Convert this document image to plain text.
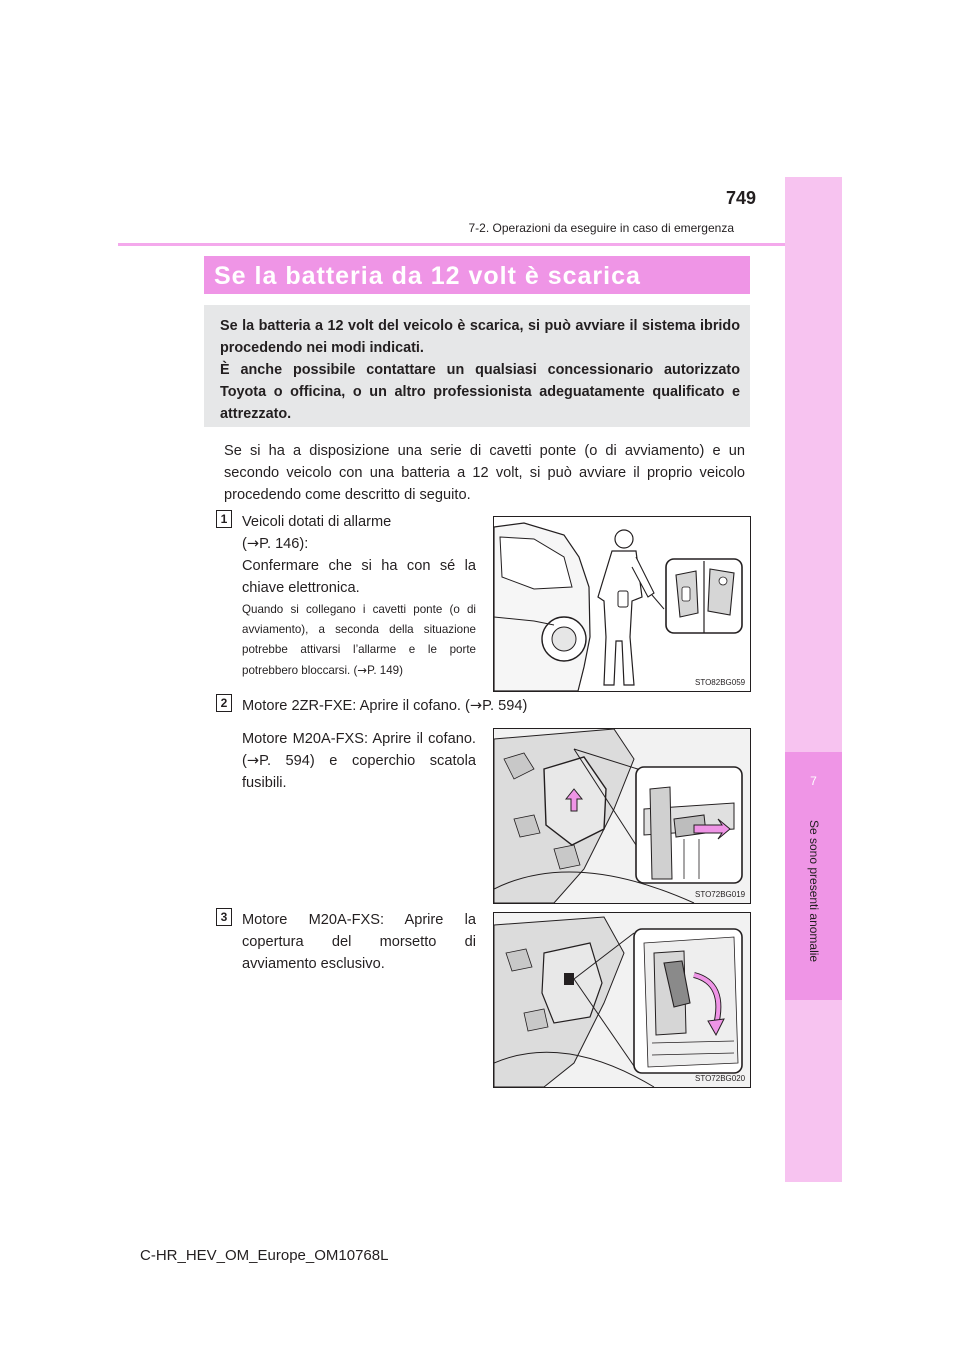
7
Se sono presenti anomalie
749
7-2. Operazioni da eseguire in caso di emergenza
Se la batteria da 12 volt è scarica
Se la batteria a 12 volt del veicolo è scarica, si può avviare il sistema ibrido procedendo nei modi indicati.
È anche possibile contattare un qualsiasi concessionario autorizzato Toyota o officina, o un altro professionista adeguatamente qualificato e attrezzato.
Se si ha a disposizione una serie di cavetti ponte (o di avviamento) e un secondo veicolo con una batteria a 12 volt, si può avviare il proprio veicolo procedendo come descritto di seguito.
1	Veicoli dotati di allarme
(→P. 146):
Confermare che si ha con sé la chiave elettronica.
Quando si collegano i cavetti ponte (o di avviamento), a seconda della situazione potrebbe attivarsi l’allarme e le porte potrebbero bloccarsi. (→P. 149)
STO82BG059
2	Motore 2ZR-FXE: Aprire il cofano. (→P. 594)
Motore M20A-FXS: Aprire il cofano. (→P. 594) e coperchio scatola fusibili.
STO72BG019
3	Motore M20A-FXS: Aprire la copertura del morsetto di avviamento esclusivo.
STO72BG020
C-HR_HEV_OM_Europe_OM10768L
